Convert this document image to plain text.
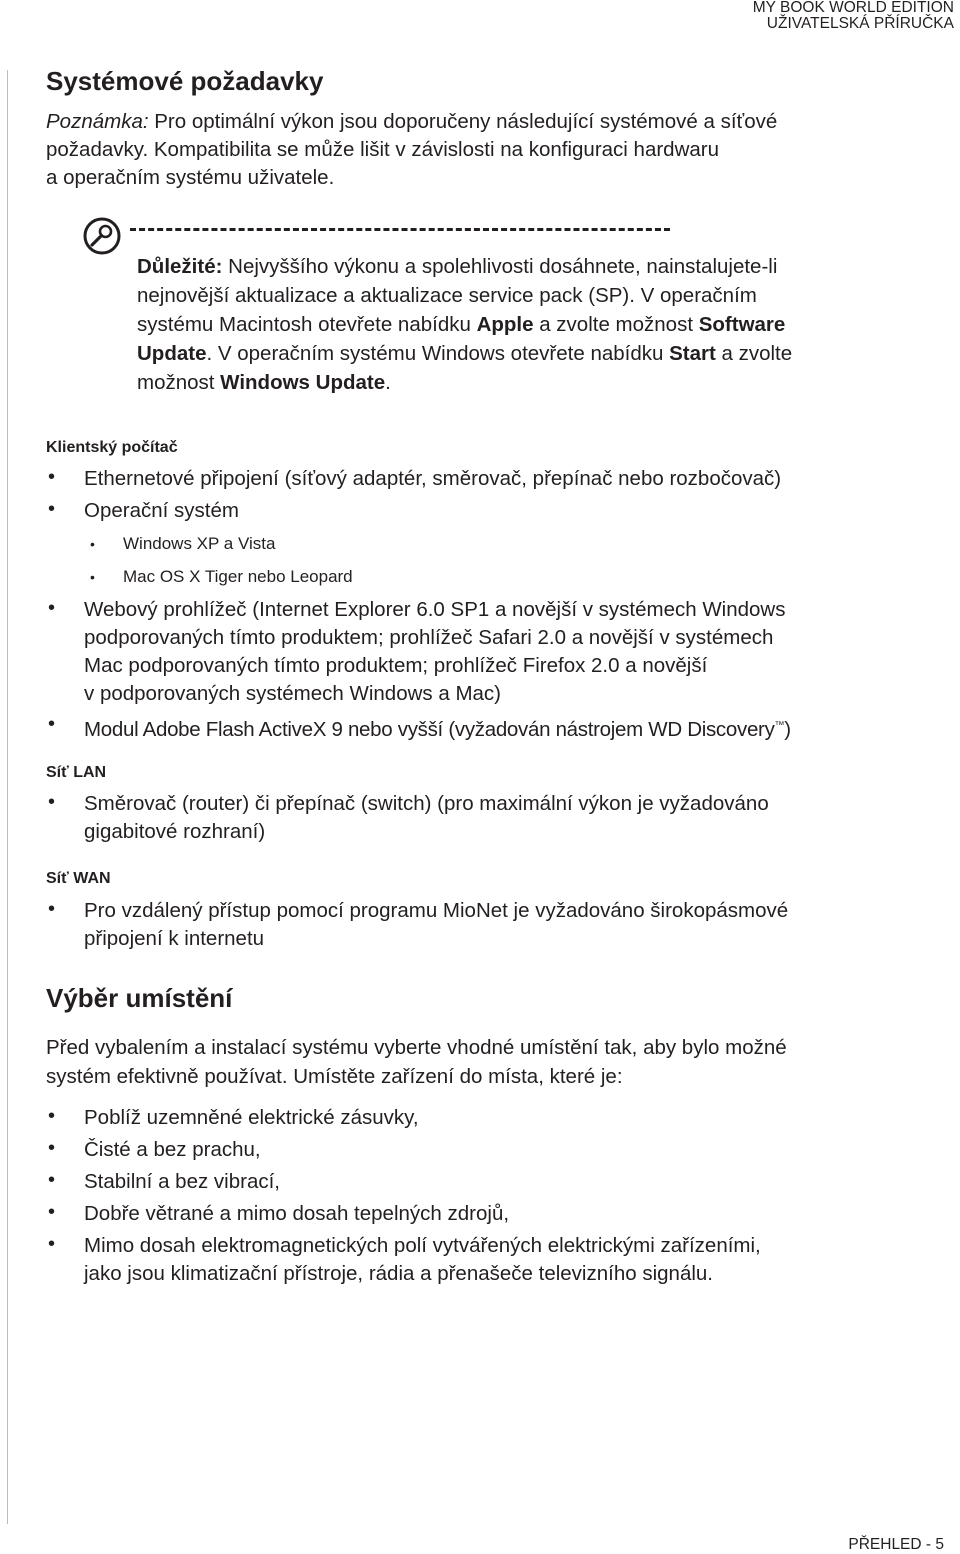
MY BOOK WORLD EDITION
UŽIVATELSKÁ PŘÍRUČKA
Systémové požadavky
Poznámka: Pro optimální výkon jsou doporučeny následující systémové a síťové
požadavky. Kompatibilita se může lišit v závislosti na konfiguraci hardwaru
a operačním systému uživatele.
Důležité: Nejvyššího výkonu a spolehlivosti dosáhnete, nainstalujete-li
nejnovější aktualizace a aktualizace service pack (SP). V operačním
systému Macintosh otevřete nabídku Apple a zvolte možnost Software
Update. V operačním systému Windows otevřete nabídku Start a zvolte
možnost Windows Update.
Klientský počítač
• Ethernetové připojení (síťový adaptér, směrovač, přepínač nebo rozbočovač)
• Operační systém
• Windows XP a Vista
• Mac OS X Tiger nebo Leopard
• Webový prohlížeč (Internet Explorer 6.0 SP1 a novější v systémech Windows
podporovaných tímto produktem; prohlížeč Safari 2.0 a novější v systémech
Mac podporovaných tímto produktem; prohlížeč Firefox 2.0 a novější
v podporovaných systémech Windows a Mac)
• Modul Adobe Flash ActiveX 9 nebo vyšší (vyžadován nástrojem WD Discovery™)
Síť LAN
• Směrovač (router) či přepínač (switch) (pro maximální výkon je vyžadováno
gigabitové rozhraní)
Síť WAN
• Pro vzdálený přístup pomocí programu MioNet je vyžadováno širokopásmové
připojení k internetu
Výběr umístění
Před vybalením a instalací systému vyberte vhodné umístění tak, aby bylo možné
systém efektivně používat. Umístěte zařízení do místa, které je:
• Poblíž uzemněné elektrické zásuvky,
• Čisté a bez prachu,
• Stabilní a bez vibrací,
• Dobře větrané a mimo dosah tepelných zdrojů,
• Mimo dosah elektromagnetických polí vytvářených elektrickými zařízeními,
jako jsou klimatizační přístroje, rádia a přenašeče televizního signálu.
PŘEHLED - 5
